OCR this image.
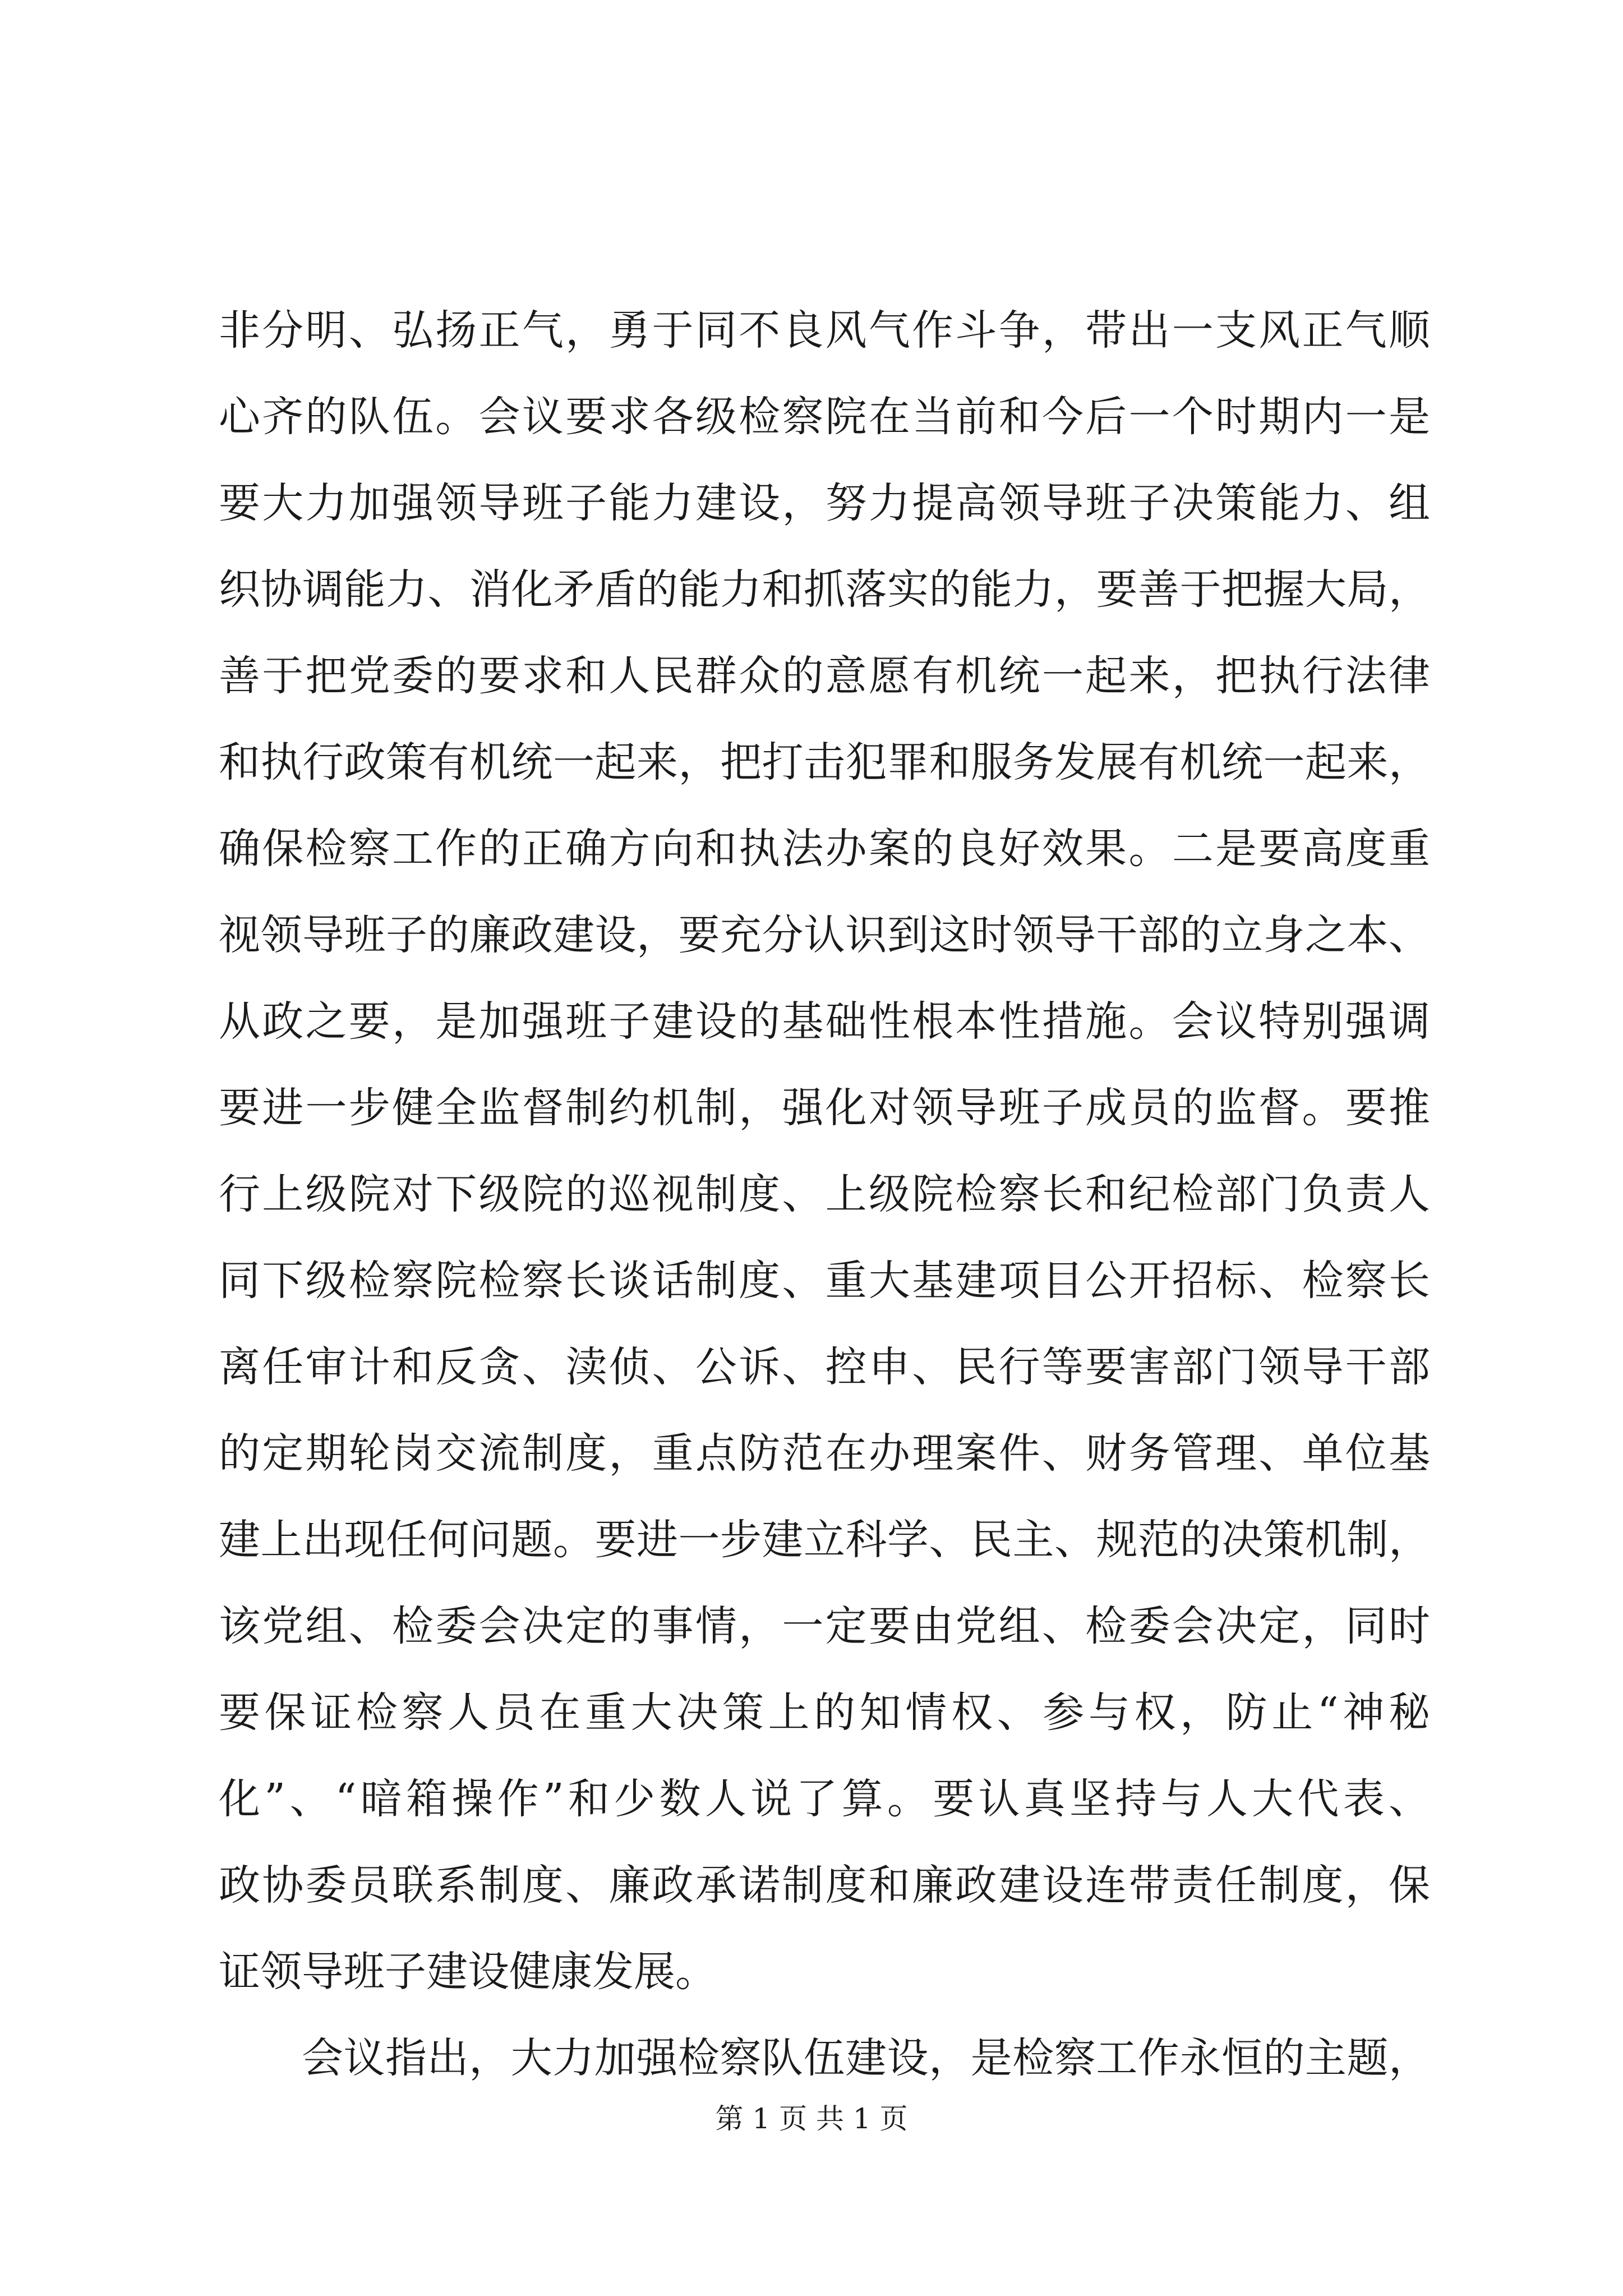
非分明、弘扬正气，勇于同不良风气作斗争，带出一支风正气顺
心齐的队伍。会议要求各级检察院在当前和今后一个时期内一是
要大力加强领导班子能力建设，努力提高领导班子决策能力、组
织协调能力、消化矛盾的能力和抓落实的能力，要善于把握大局，
善于把党委的要求和人民群众的意愿有机统一起来，把执行法律
和执行政策有机统一起来，把打击犯罪和服务发展有机统一起来，
确保检察工作的正确方向和执法办案的良好效果。二是要高度重
视领导班子的廉政建设，要充分认识到这时领导干部的立身之本、
从政之要，是加强班子建设的基础性根本性措施。会议特别强调
要进一步健全监督制约机制，强化对领导班子成员的监督。要推
行上级院对下级院的巡视制度、上级院检察长和纪检部门负责人
同下级检察院检察长谈话制度、重大基建项目公开招标、检察长
离任审计和反贪、渎侦、公诉、控申、民行等要害部门领导干部
的定期轮岗交流制度，重点防范在办理案件、财务管理、单位基
建上出现任何问题。要进一步建立科学、民主、规范的决策机制，
该党组、检委会决定的事情，一定要由党组、检委会决定，同时
要保证检察人员在重大决策上的知情权、参与权，防止“神秘
化”、“暗箱操作”和少数人说了算。要认真坚持与人大代表、
政协委员联系制度、廉政承诺制度和廉政建设连带责任制度，保
证领导班子建设健康发展。
会议指出，大力加强检察队伍建设，是检察工作永恒的主题，
第 1 页 共 1 页
